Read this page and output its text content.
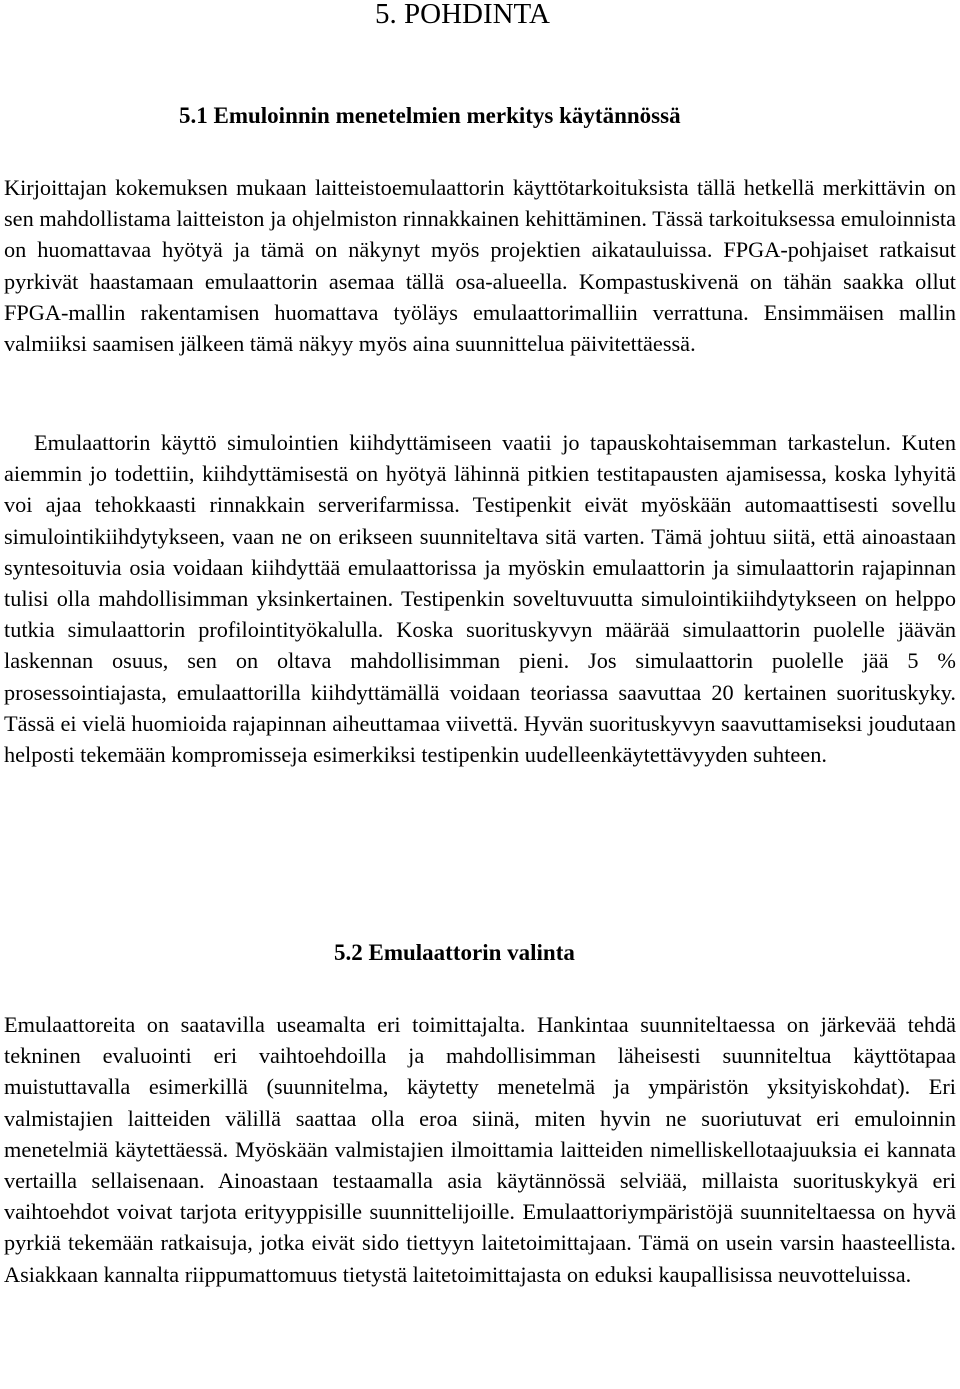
5. POHDINTA
5.1 Emuloinnin menetelmien merkitys käytännössä

Kirjoittajan kokemuksen mukaan laitteistoemulaattorin käyttötarkoituksista tällä hetkellä merkittävin on sen mahdollistama laitteiston ja ohjelmiston rinnakkainen kehittäminen. Tässä tarkoituksessa emuloinnista on huomattavaa hyötyä ja tämä on näkynyt myös projektien aikatauluissa. FPGA-pohjaiset ratkaisut pyrkivät haastamaan emulaattorin asemaa tällä osa-alueella. Kompastuskivenä on tähän saakka ollut FPGA-mallin rakentamisen huomattava työläys emulaattorimalliin verrattuna. Ensimmäisen mallin valmiiksi saamisen jälkeen tämä näkyy myös aina suunnittelua päivitettäessä.

Emulaattorin käyttö simulointien kiihdyttämiseen vaatii jo tapauskohtaisemman tarkastelun. Kuten aiemmin jo todettiin, kiihdyttämisestä on hyötyä lähinnä pitkien testitapausten ajamisessa, koska lyhyitä voi ajaa tehokkaasti rinnakkain serverifarmissa. Testipenkit eivät myöskään automaattisesti sovellu simulointikiihdytykseen, vaan ne on erikseen suunniteltava sitä varten. Tämä johtuu siitä, että ainoastaan syntesoituvia osia voidaan kiihdyttää emulaattorissa ja myöskin emulaattorin ja simulaattorin rajapinnan tulisi olla mahdollisimman yksinkertainen. Testipenkin soveltuvuutta simulointikiihdytykseen on helppo tutkia simulaattorin profilointityökalulla. Koska suorituskyvyn määrää simulaattorin puolelle jäävän laskennan osuus, sen on oltava mahdollisimman pieni. Jos simulaattorin puolelle jää 5 % prosessointiajasta, emulaattorilla kiihdyttämällä voidaan teoriassa saavuttaa 20 kertainen suorituskyky. Tässä ei vielä huomioida rajapinnan aiheuttamaa viivettä. Hyvän suorituskyvyn saavuttamiseksi joudutaan helposti tekemään kompromisseja esimerkiksi testipenkin uudelleenkäytettävyyden suhteen.

5.2 Emulaattorin valinta

Emulaattoreita on saatavilla useamalta eri toimittajalta. Hankintaa suunniteltaessa on järkevää tehdä tekninen evaluointi eri vaihtoehdoilla ja mahdollisimman läheisesti suunniteltua käyttötapaa muistuttavalla esimerkillä (suunnitelma, käytetty menetelmä ja ympäristön yksityiskohdat). Eri valmistajien laitteiden välillä saattaa olla eroa siinä, miten hyvin ne suoriutuvat eri emuloinnin menetelmiä käytettäessä. Myöskään valmistajien ilmoittamia laitteiden nimelliskellotaajuuksia ei kannata vertailla sellaisenaan. Ainoastaan testaamalla asia käytännössä selviää, millaista suorituskykyä eri vaihtoehdot voivat tarjota erityyppisille suunnittelijoille. Emulaattoriympäristöjä suunniteltaessa on hyvä pyrkiä tekemään ratkaisuja, jotka eivät sido tiettyyn laitetoimittajaan. Tämä on usein varsin haasteellista. Asiakkaan kannalta riippumattomuus tietystä laitetoimittajasta on eduksi kaupallisissa neuvotteluissa.
